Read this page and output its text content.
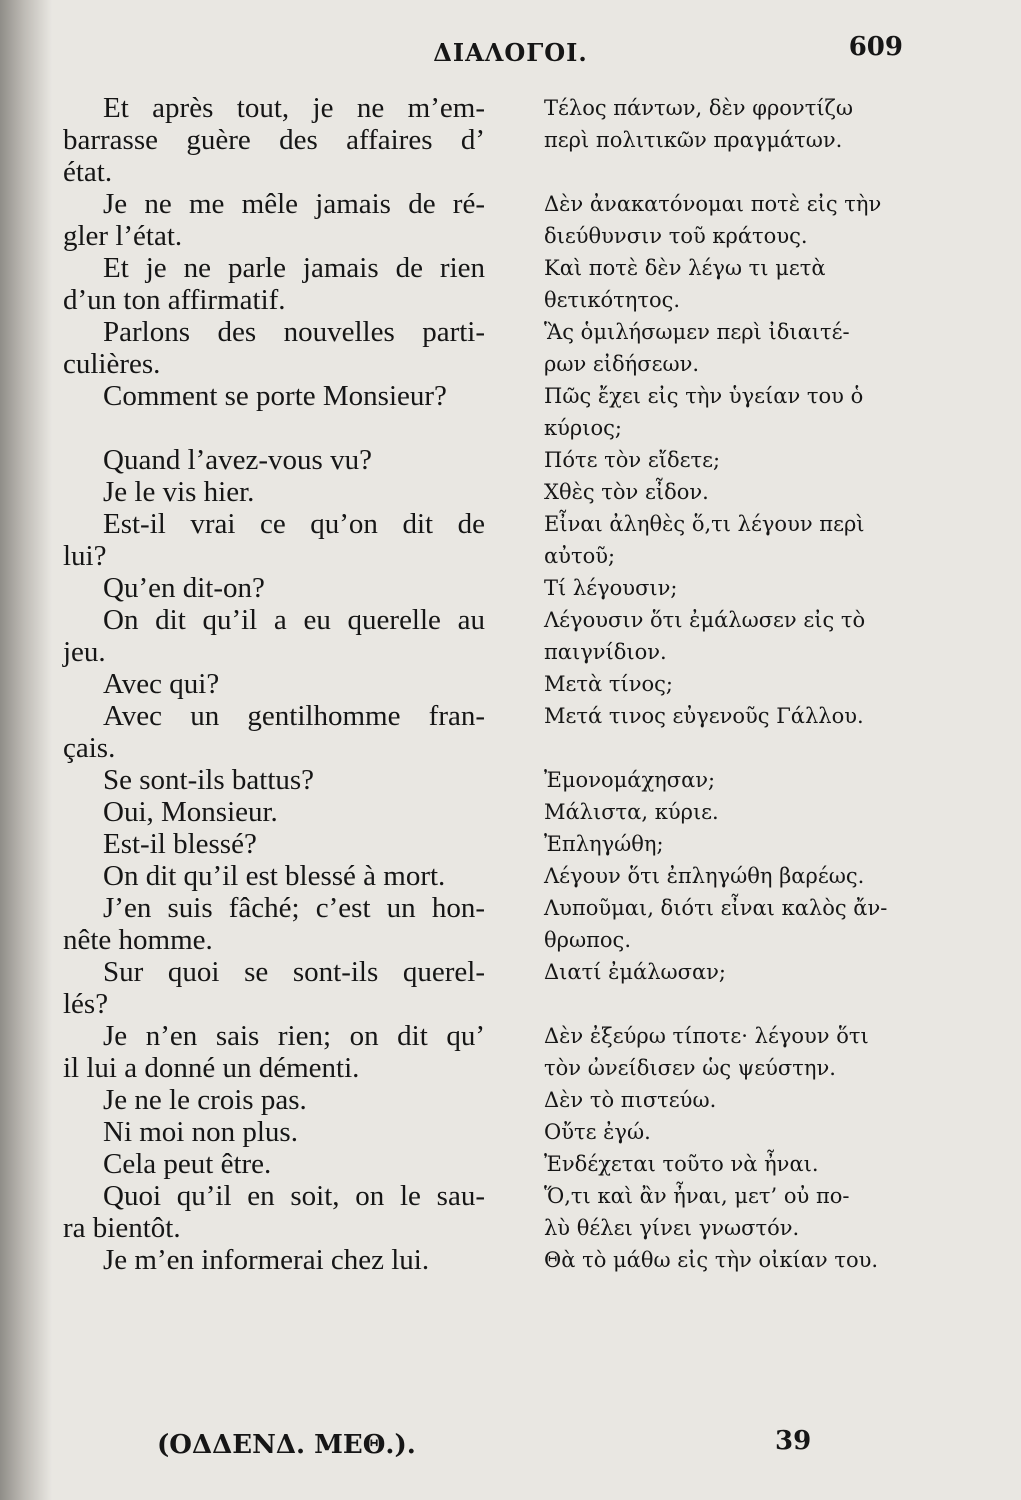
ΔΙΑΛΟΓΟΙ.	609
Et après tout, je ne m’em-
barrasse guère des affaires d’
état.
Je ne me mêle jamais de ré-
gler l’état.
Et je ne parle jamais de rien
d’un ton affirmatif.
Parlons des nouvelles parti-
culières.
Comment se porte Monsieur?
Quand l’avez-vous vu?
Je le vis hier.
Est-il vrai ce qu’on dit de
lui?
Qu’en dit-on?
On dit qu’il a eu querelle au
jeu.
Avec qui?
Avec un gentilhomme fran-
çais.
Se sont-ils battus?
Oui, Monsieur.
Est-il blessé?
On dit qu’il est blessé à mort.
J’en suis fâché; c’est un hon-
nête homme.
Sur quoi se sont-ils querel-
lés?
Je n’en sais rien; on dit qu’
il lui a donné un démenti.
Je ne le crois pas.
Ni moi non plus.
Cela peut être.
Quoi qu’il en soit, on le sau-
ra bientôt.
Je m’en informerai chez lui.
Τέλος πάντων, δὲν φροντίζω
περὶ πολιτικῶν πραγμάτων.
Δὲν ἀνακατόνομαι ποτὲ εἰς τὴν
διεύθυνσιν τοῦ κράτους.
Καὶ ποτὲ δὲν λέγω τι μετὰ
θετικότητος.
Ἃς ὁμιλήσωμεν περὶ ἰδιαιτέ-
ρων εἰδήσεων.
Πῶς ἔχει εἰς τὴν ὑγείαν του ὁ
κύριος;
Πότε τὸν εἴδετε;
Χθὲς τὸν εἶδον.
Εἶναι ἀληθὲς ὅ,τι λέγουν περὶ
αὐτοῦ;
Τί λέγουσιν;
Λέγουσιν ὅτι ἐμάλωσεν εἰς τὸ
παιγνίδιον.
Μετὰ τίνος;
Μετά τινος εὐγενοῦς Γάλλου.
Ἐμονομάχησαν;
Μάλιστα, κύριε.
Ἐπληγώθη;
Λέγουν ὅτι ἐπληγώθη βαρέως.
Λυποῦμαι, διότι εἶναι καλὸς ἄν-
θρωπος.
Διατί ἐμάλωσαν;
Δὲν ἐξεύρω τίποτε· λέγουν ὅτι
τὸν ὠνείδισεν ὡς ψεύστην.
Δὲν τὸ πιστεύω.
Οὔτε ἐγώ.
Ἐνδέχεται τοῦτο νὰ ἦναι.
Ὅ,τι καὶ ἂν ἦναι, μετ’ οὐ πο-
λὺ θέλει γίνει γνωστόν.
Θὰ τὸ μάθω εἰς τὴν οἰκίαν του.
(ΟΔΔΕΝΔ. ΜΕΘ.).	39
